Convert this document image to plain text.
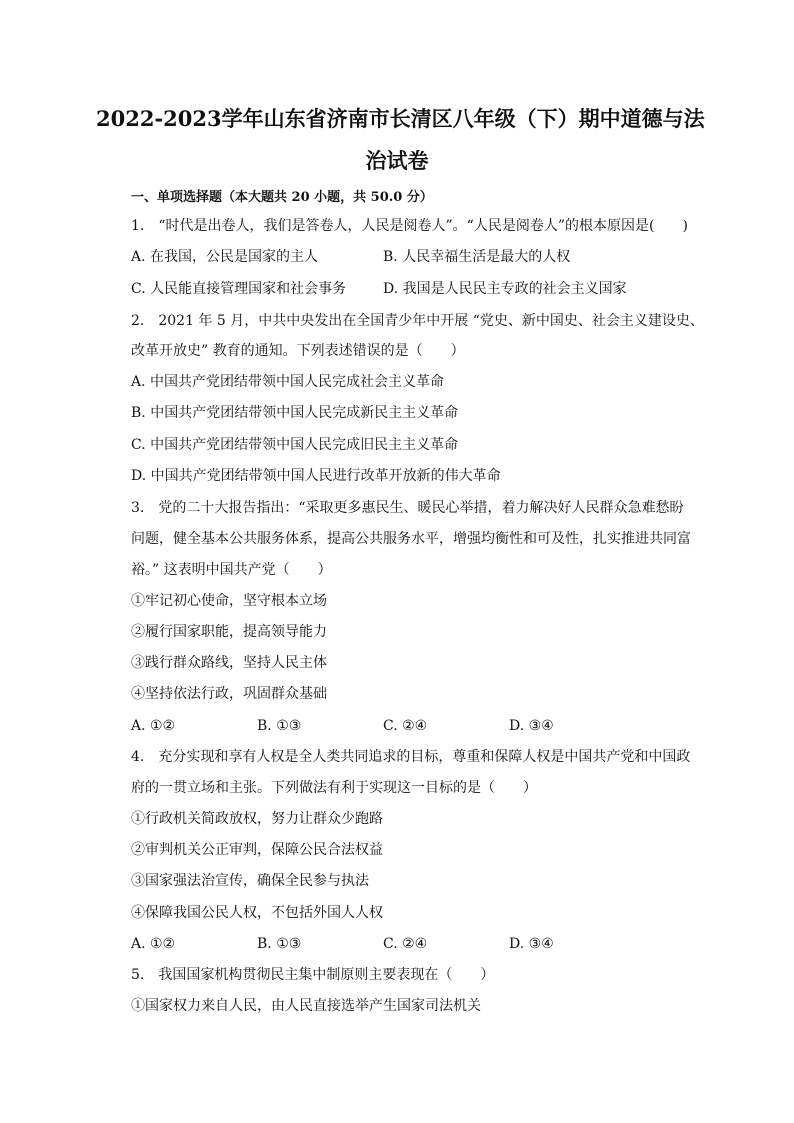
2022-2023学年山东省济南市长清区八年级（下）期中道德与法
治试卷
一、单项选择题（本大题共 20 小题，共 50.0 分）
1.　“时代是出卷人，我们是答卷人，人民是阅卷人”。“人民是阅卷人”的根本原因是(　　)
A. 在我国，公民是国家的主人	B. 人民幸福生活是最大的人权
C. 人民能直接管理国家和社会事务	D. 我国是人民民主专政的社会主义国家
2.　2021 年 5 月，中共中央发出在全国青少年中开展 “党史、新中国史、社会主义建设史、
改革开放史” 教育的通知。下列表述错误的是（　　）
A. 中国共产党团结带领中国人民完成社会主义革命
B. 中国共产党团结带领中国人民完成新民主主义革命
C. 中国共产党团结带领中国人民完成旧民主主义革命
D. 中国共产党团结带领中国人民进行改革开放新的伟大革命
3.　党的二十大报告指出：“采取更多惠民生、暖民心举措，着力解决好人民群众急难愁盼
问题，健全基本公共服务体系，提高公共服务水平，增强均衡性和可及性，扎实推进共同富
裕。” 这表明中国共产党（　　）
①牢记初心使命，坚守根本立场
②履行国家职能，提高领导能力
③践行群众路线，坚持人民主体
④坚持依法行政，巩固群众基础
A. ①②	B. ①③	C. ②④	D. ③④
4.　充分实现和享有人权是全人类共同追求的目标，尊重和保障人权是中国共产党和中国政
府的一贯立场和主张。下列做法有利于实现这一目标的是（　　）
①行政机关简政放权，努力让群众少跑路
②审判机关公正审判，保障公民合法权益
③国家强法治宣传，确保全民参与执法
④保障我国公民人权，不包括外国人人权
A. ①②	B. ①③	C. ②④	D. ③④
5.　我国国家机构贯彻民主集中制原则主要表现在（　　）
①国家权力来自人民，由人民直接选举产生国家司法机关
